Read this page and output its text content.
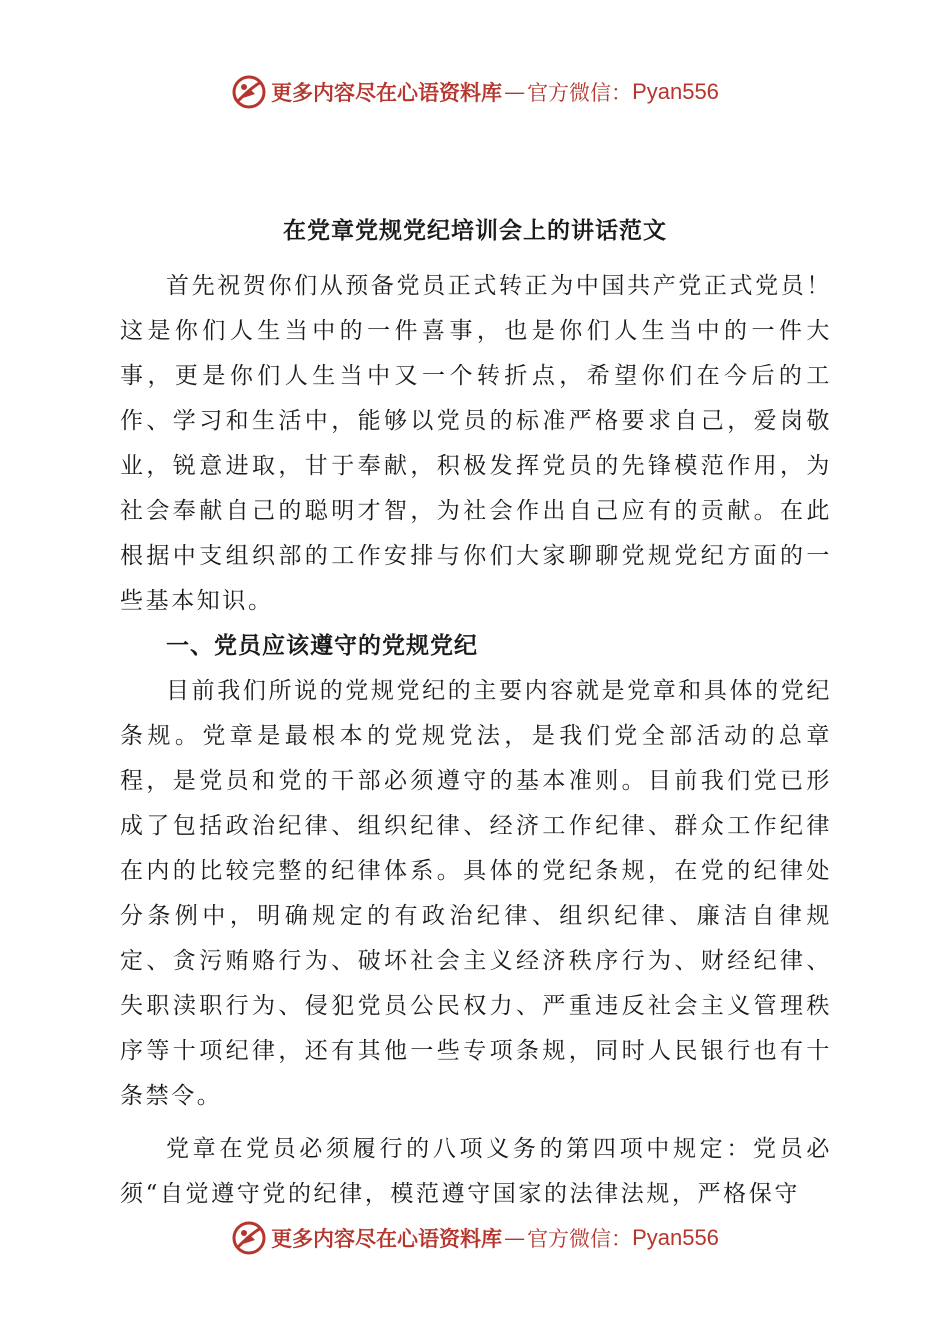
更多内容尽在心语资料库 — 官方微信： Pyan556
在党章党规党纪培训会上的讲话范文

首先祝贺你们从预备党员正式转正为中国共产党正式党员！这是你们人生当中的一件喜事，也是你们人生当中的一件大事，更是你们人生当中又一个转折点，希望你们在今后的工作、学习和生活中，能够以党员的标准严格要求自己，爱岗敬业，锐意进取，甘于奉献，积极发挥党员的先锋模范作用，为社会奉献自己的聪明才智，为社会作出自己应有的贡献。在此根据中支组织部的工作安排与你们大家聊聊党规党纪方面的一些基本知识。

一、党员应该遵守的党规党纪

目前我们所说的党规党纪的主要内容就是党章和具体的党纪条规。党章是最根本的党规党法，是我们党全部活动的总章程，是党员和党的干部必须遵守的基本准则。目前我们党已形成了包括政治纪律、组织纪律、经济工作纪律、群众工作纪律在内的比较完整的纪律体系。具体的党纪条规，在党的纪律处分条例中，明确规定的有政治纪律、组织纪律、廉洁自律规定、贪污贿赂行为、破坏社会主义经济秩序行为、财经纪律、失职渎职行为、侵犯党员公民权力、严重违反社会主义管理秩序等十项纪律，还有其他一些专项条规，同时人民银行也有十条禁令。

党章在党员必须履行的八项义务的第四项中规定：党员必须“自觉遵守党的纪律，模范遵守国家的法律法规，严格保守

更多内容尽在心语资料库 — 官方微信： Pyan556
